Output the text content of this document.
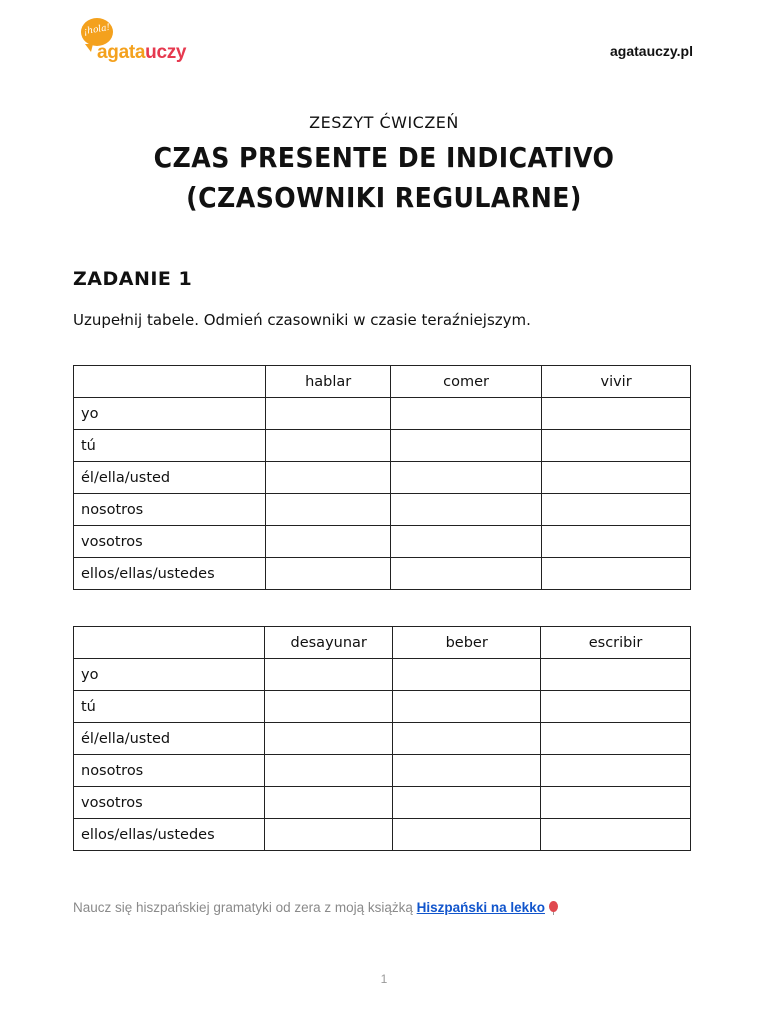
¡hola!
agatauczy	agatauczy.pl
ZESZYT ĆWICZEŃ
CZAS PRESENTE DE INDICATIVO
(CZASOWNIKI REGULARNE)
ZADANIE 1
Uzupełnij tabele. Odmień czasowniki w czasie teraźniejszym.
	hablar	comer	vivir
yo			
tú			
él/ella/usted			
nosotros			
vosotros			
ellos/ellas/ustedes			
	desayunar	beber	escribir
yo			
tú			
él/ella/usted			
nosotros			
vosotros			
ellos/ellas/ustedes			
Naucz się hiszpańskiej gramatyki od zera z moją książką Hiszpański na lekko
1
